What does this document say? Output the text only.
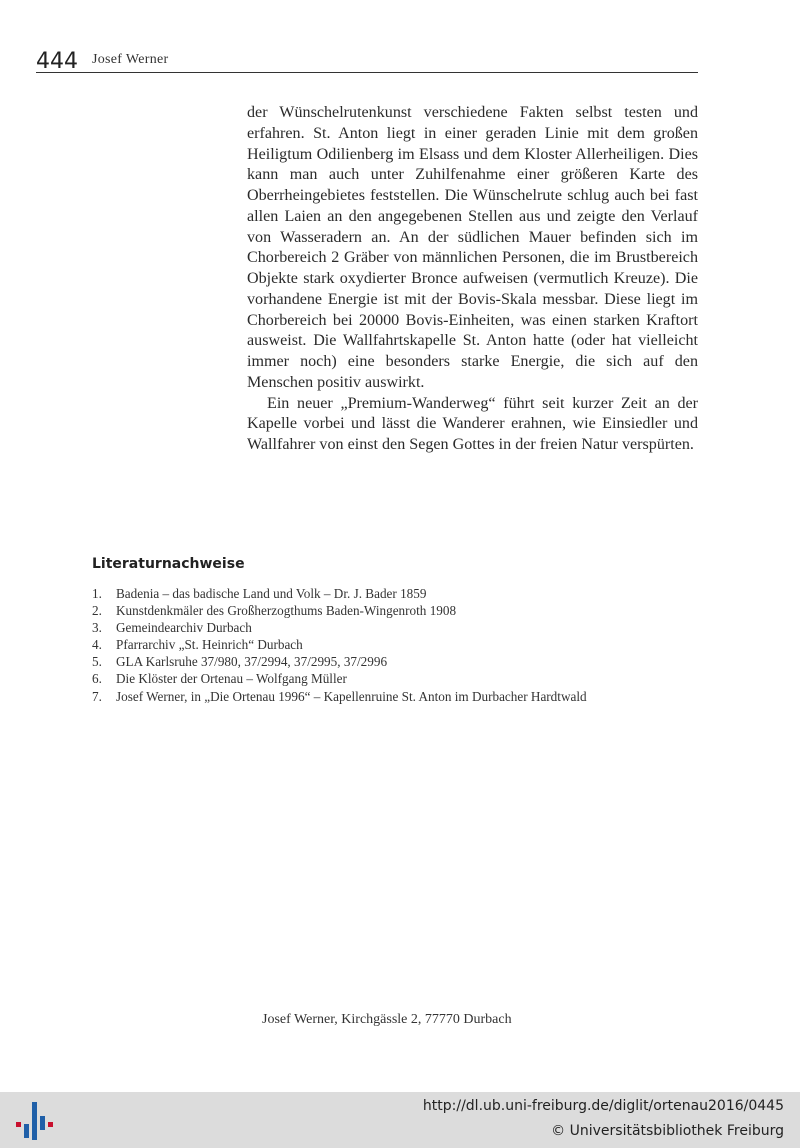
444 Josef Werner

der Wünschelrutenkunst verschiedene Fakten selbst testen und erfahren. St. Anton liegt in einer geraden Linie mit dem großen Heiligtum Odilienberg im Elsass und dem Kloster Allerheiligen. Dies kann man auch unter Zuhilfenahme einer größeren Karte des Oberrheingebietes feststellen. Die Wünschelrute schlug auch bei fast allen Laien an den angegebenen Stellen aus und zeigte den Verlauf von Wasseradern an. An der südlichen Mauer befinden sich im Chorbereich 2 Gräber von männlichen Personen, die im Brustbereich Objekte stark oxydierter Bronce aufweisen (vermutlich Kreuze). Die vorhandene Energie ist mit der Bovis-Skala messbar. Diese liegt im Chorbereich bei 20000 Bovis-Einheiten, was einen starken Kraftort ausweist. Die Wallfahrtskapelle St. Anton hatte (oder hat vielleicht immer noch) eine besonders starke Energie, die sich auf den Menschen positiv auswirkt.

Ein neuer „Premium-Wanderweg“ führt seit kurzer Zeit an der Kapelle vorbei und lässt die Wanderer erahnen, wie Einsiedler und Wallfahrer von einst den Segen Gottes in der freien Natur verspürten.

Literaturnachweise
1.	Badenia – das badische Land und Volk – Dr. J. Bader 1859
2.	Kunstdenkmäler des Großherzogthums Baden-Wingenroth 1908
3.	Gemeindearchiv Durbach
4.	Pfarrarchiv „St. Heinrich“ Durbach
5.	GLA Karlsruhe 37/980, 37/2994, 37/2995, 37/2996
6.	Die Klöster der Ortenau – Wolfgang Müller
7.	Josef Werner, in „Die Ortenau 1996“ – Kapellenruine St. Anton im Durbacher Hardtwald
Josef Werner, Kirchgässle 2, 77770 Durbach
http://dl.ub.uni-freiburg.de/diglit/ortenau2016/0445
© Universitätsbibliothek Freiburg
